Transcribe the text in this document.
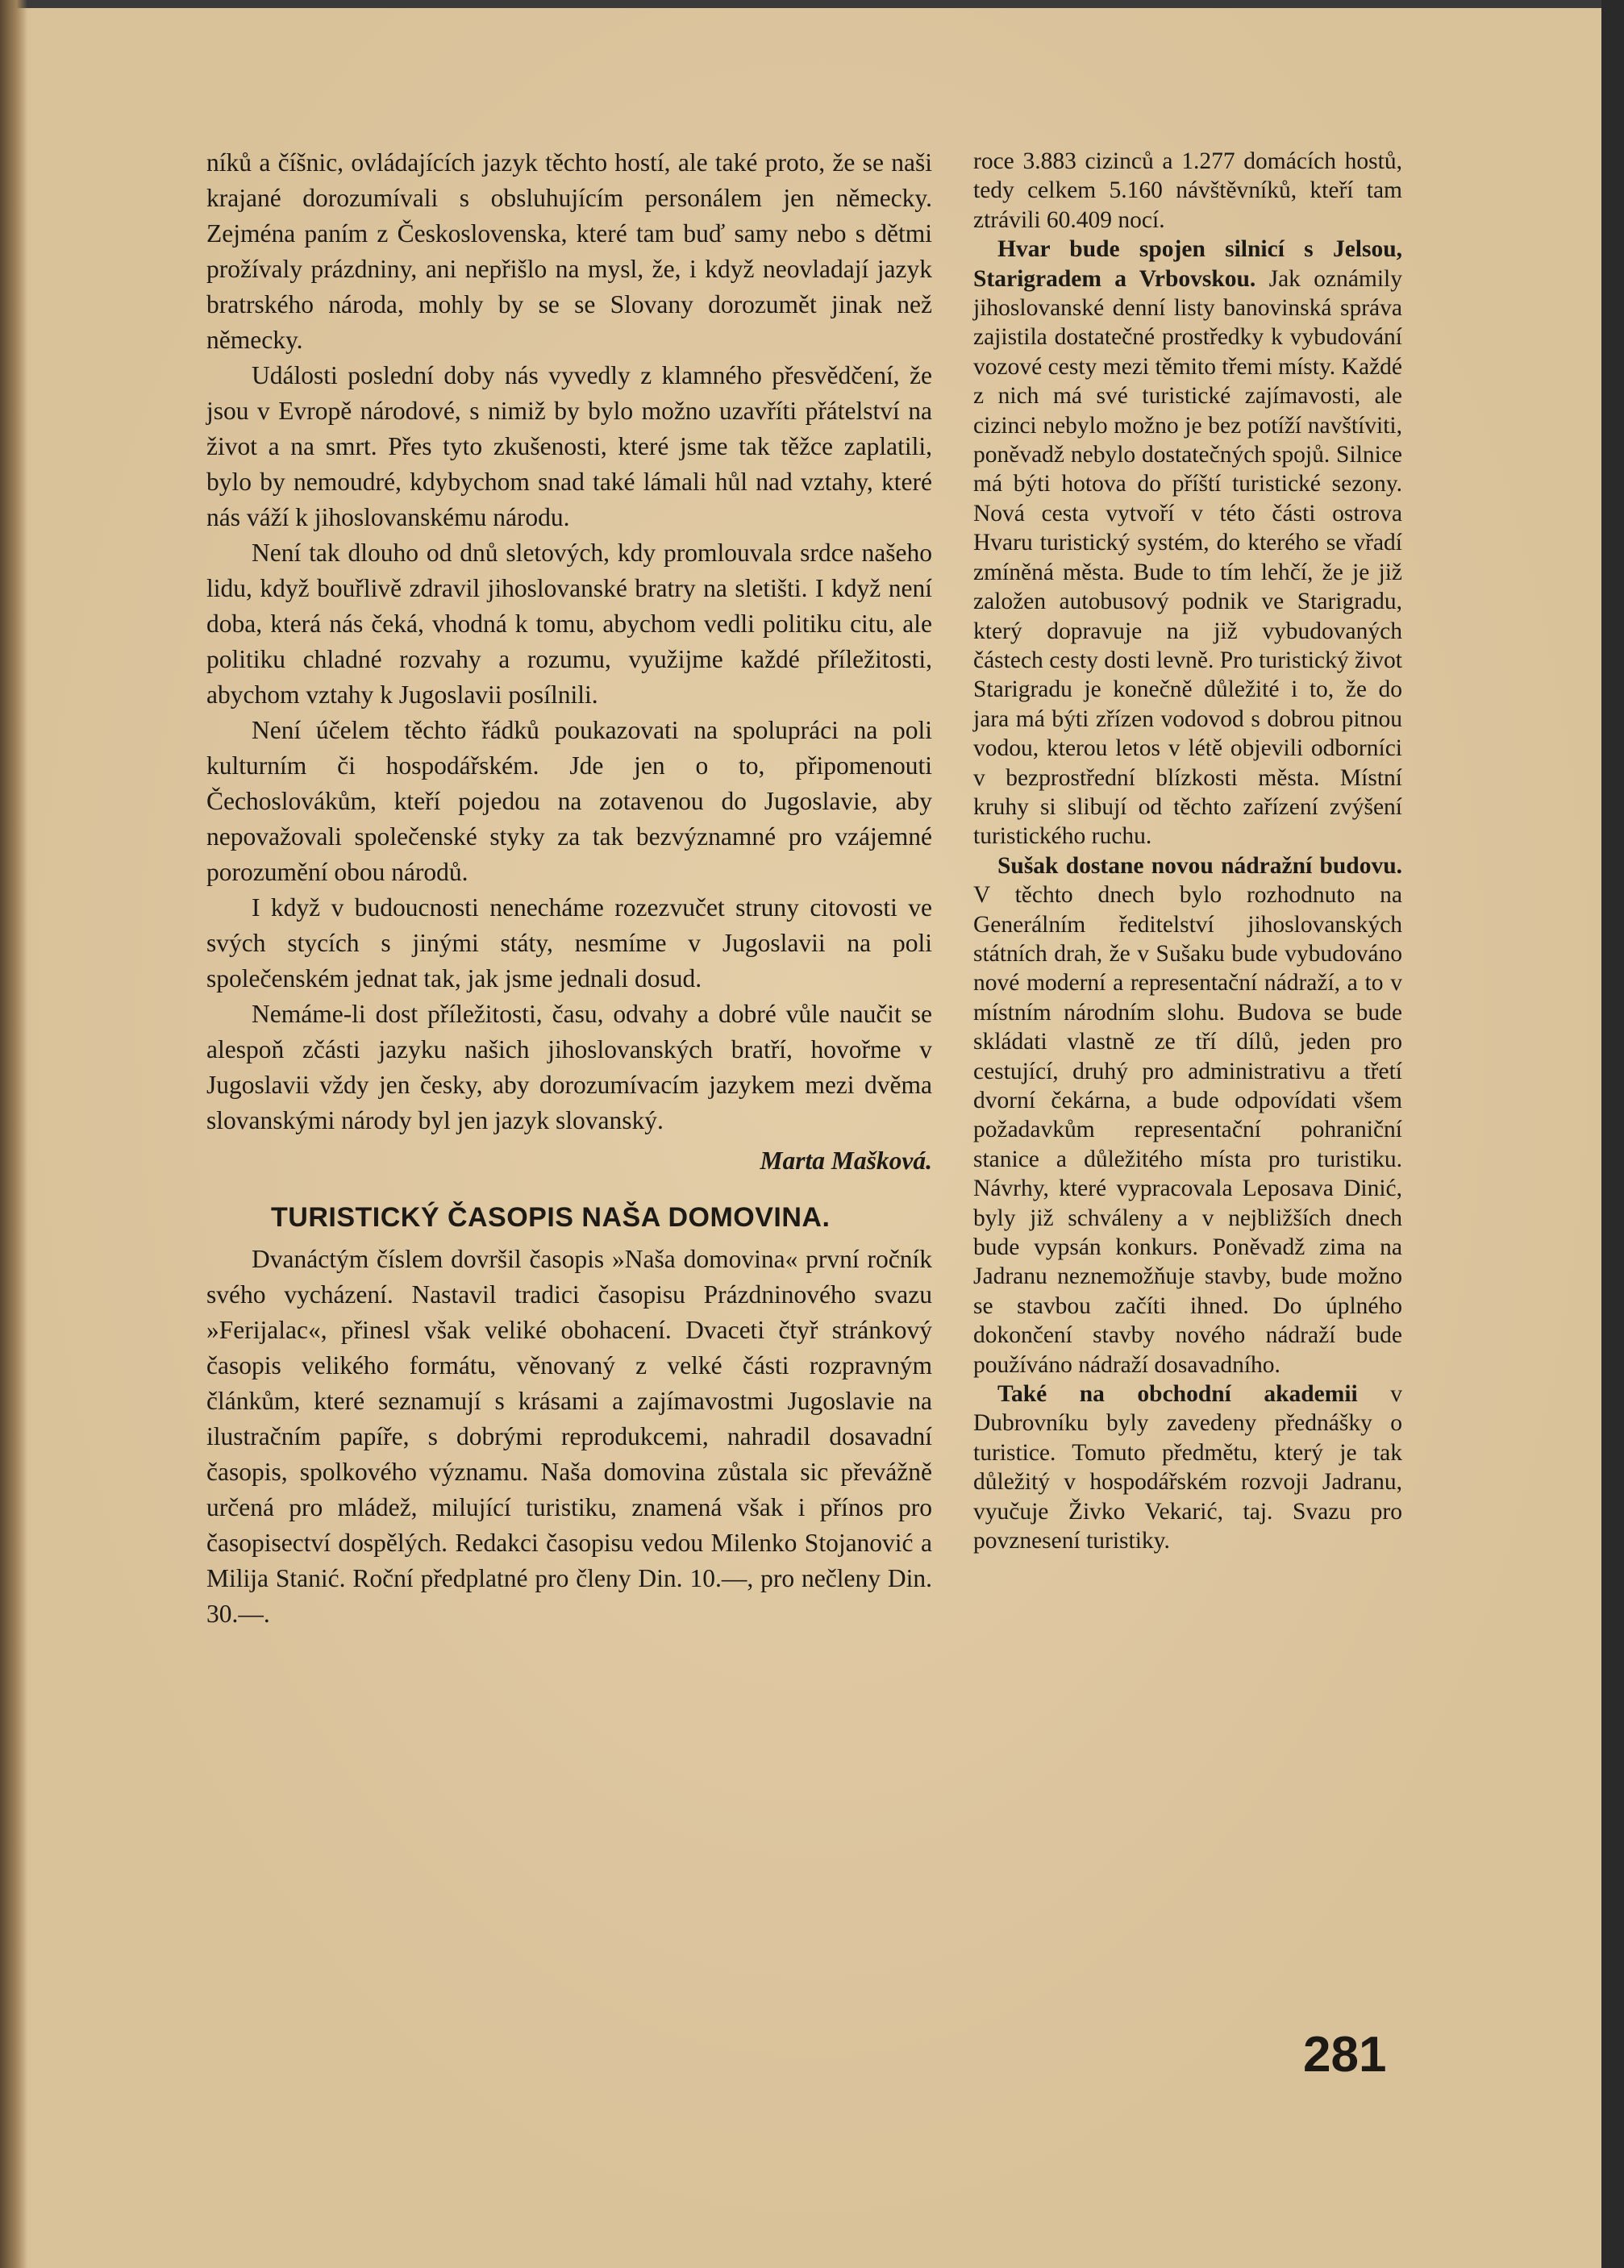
níků a číšnic, ovládajících jazyk těchto hostí, ale také proto, že se naši krajané dorozumívali s obsluhujícím personálem jen německy. Zejména paním z Československa, které tam buď samy nebo s dětmi prožívaly prázdniny, ani nepřišlo na mysl, že, i když neovladají jazyk bratrského národa, mohly by se se Slovany dorozumět jinak než německy.

Události poslední doby nás vyvedly z klamného přesvědčení, že jsou v Evropě národové, s nimiž by bylo možno uzavříti přátelství na život a na smrt. Přes tyto zkušenosti, které jsme tak těžce zaplatili, bylo by nemoudré, kdybychom snad také lámali hůl nad vztahy, které nás váží k jihoslovanskému národu.

Není tak dlouho od dnů sletových, kdy promlouvala srdce našeho lidu, když bouřlivě zdravil jihoslovanské bratry na sletišti. I když není doba, která nás čeká, vhodná k tomu, abychom vedli politiku citu, ale politiku chladné rozvahy a rozumu, využijme každé příležitosti, abychom vztahy k Jugoslavii posílnili.

Není účelem těchto řádků poukazovati na spolupráci na poli kulturním či hospodářském. Jde jen o to, připomenouti Čechoslovákům, kteří pojedou na zotavenou do Jugoslavie, aby nepovažovali společenské styky za tak bezvýznamné pro vzájemné porozumění obou národů.

I když v budoucnosti nenecháme rozezvučet struny citovosti ve svých stycích s jinými státy, nesmíme v Jugoslavii na poli společenském jednat tak, jak jsme jednali dosud.

Nemáme-li dost příležitosti, času, odvahy a dobré vůle naučit se alespoň zčásti jazyku našich jihoslovanských bratří, hovořme v Jugoslavii vždy jen česky, aby dorozumívacím jazykem mezi dvěma slovanskými národy byl jen jazyk slovanský.

Marta Mašková.

TURISTICKÝ ČASOPIS NAŠA DOMOVINA.

Dvanáctým číslem dovršil časopis »Naša domovina« první ročník svého vycházení. Nastavil tradici časopisu Prázdninového svazu »Ferijalac«, přinesl však veliké obohacení. Dvaceti čtyř stránkový časopis velikého formátu, věnovaný z velké části rozpravným článkům, které seznamují s krásami a zajímavostmi Jugoslavie na ilustračním papíře, s dobrými reprodukcemi, nahradil dosavadní časopis, spolkového významu. Naša domovina zůstala sic převážně určená pro mládež, milující turistiku, znamená však i přínos pro časopisectví dospělých. Redakci časopisu vedou Milenko Stojanović a Milija Stanić. Roční předplatné pro členy Din. 10.—, pro nečleny Din. 30.—.

roce 3.883 cizinců a 1.277 domácích hostů, tedy celkem 5.160 návštěvníků, kteří tam ztrávili 60.409 nocí.

Hvar bude spojen silnicí s Jelsou, Starigradem a Vrbovskou. Jak oznámily jihoslovanské denní listy banovinská správa zajistila dostatečné prostředky k vybudování vozové cesty mezi těmito třemi místy. Každé z nich má své turistické zajímavosti, ale cizinci nebylo možno je bez potíží navštíviti, poněvadž nebylo dostatečných spojů. Silnice má býti hotova do příští turistické sezony. Nová cesta vytvoří v této části ostrova Hvaru turistický systém, do kterého se vřadí zmíněná města. Bude to tím lehčí, že je již založen autobusový podnik ve Starigradu, který dopravuje na již vybudovaných částech cesty dosti levně. Pro turistický život Starigradu je konečně důležité i to, že do jara má býti zřízen vodovod s dobrou pitnou vodou, kterou letos v létě objevili odborníci v bezprostřední blízkosti města. Místní kruhy si slibují od těchto zařízení zvýšení turistického ruchu.

Sušak dostane novou nádražní budovu. V těchto dnech bylo rozhodnuto na Generálním ředitelství jihoslovanských státních drah, že v Sušaku bude vybudováno nové moderní a representační nádraží, a to v místním národním slohu. Budova se bude skládati vlastně ze tří dílů, jeden pro cestující, druhý pro administrativu a třetí dvorní čekárna, a bude odpovídati všem požadavkům representační pohraniční stanice a důležitého místa pro turistiku. Návrhy, které vypracovala Leposava Dinić, byly již schváleny a v nejbližších dnech bude vypsán konkurs. Poněvadž zima na Jadranu neznemožňuje stavby, bude možno se stavbou začíti ihned. Do úplného dokončení stavby nového nádraží bude používáno nádraží dosavadního.

Také na obchodní akademii v Dubrovníku byly zavedeny přednášky o turistice. Tomuto předmětu, který je tak důležitý v hospodářském rozvoji Jadranu, vyučuje Živko Vekarić, taj. Svazu pro povznesení turistiky.

281
